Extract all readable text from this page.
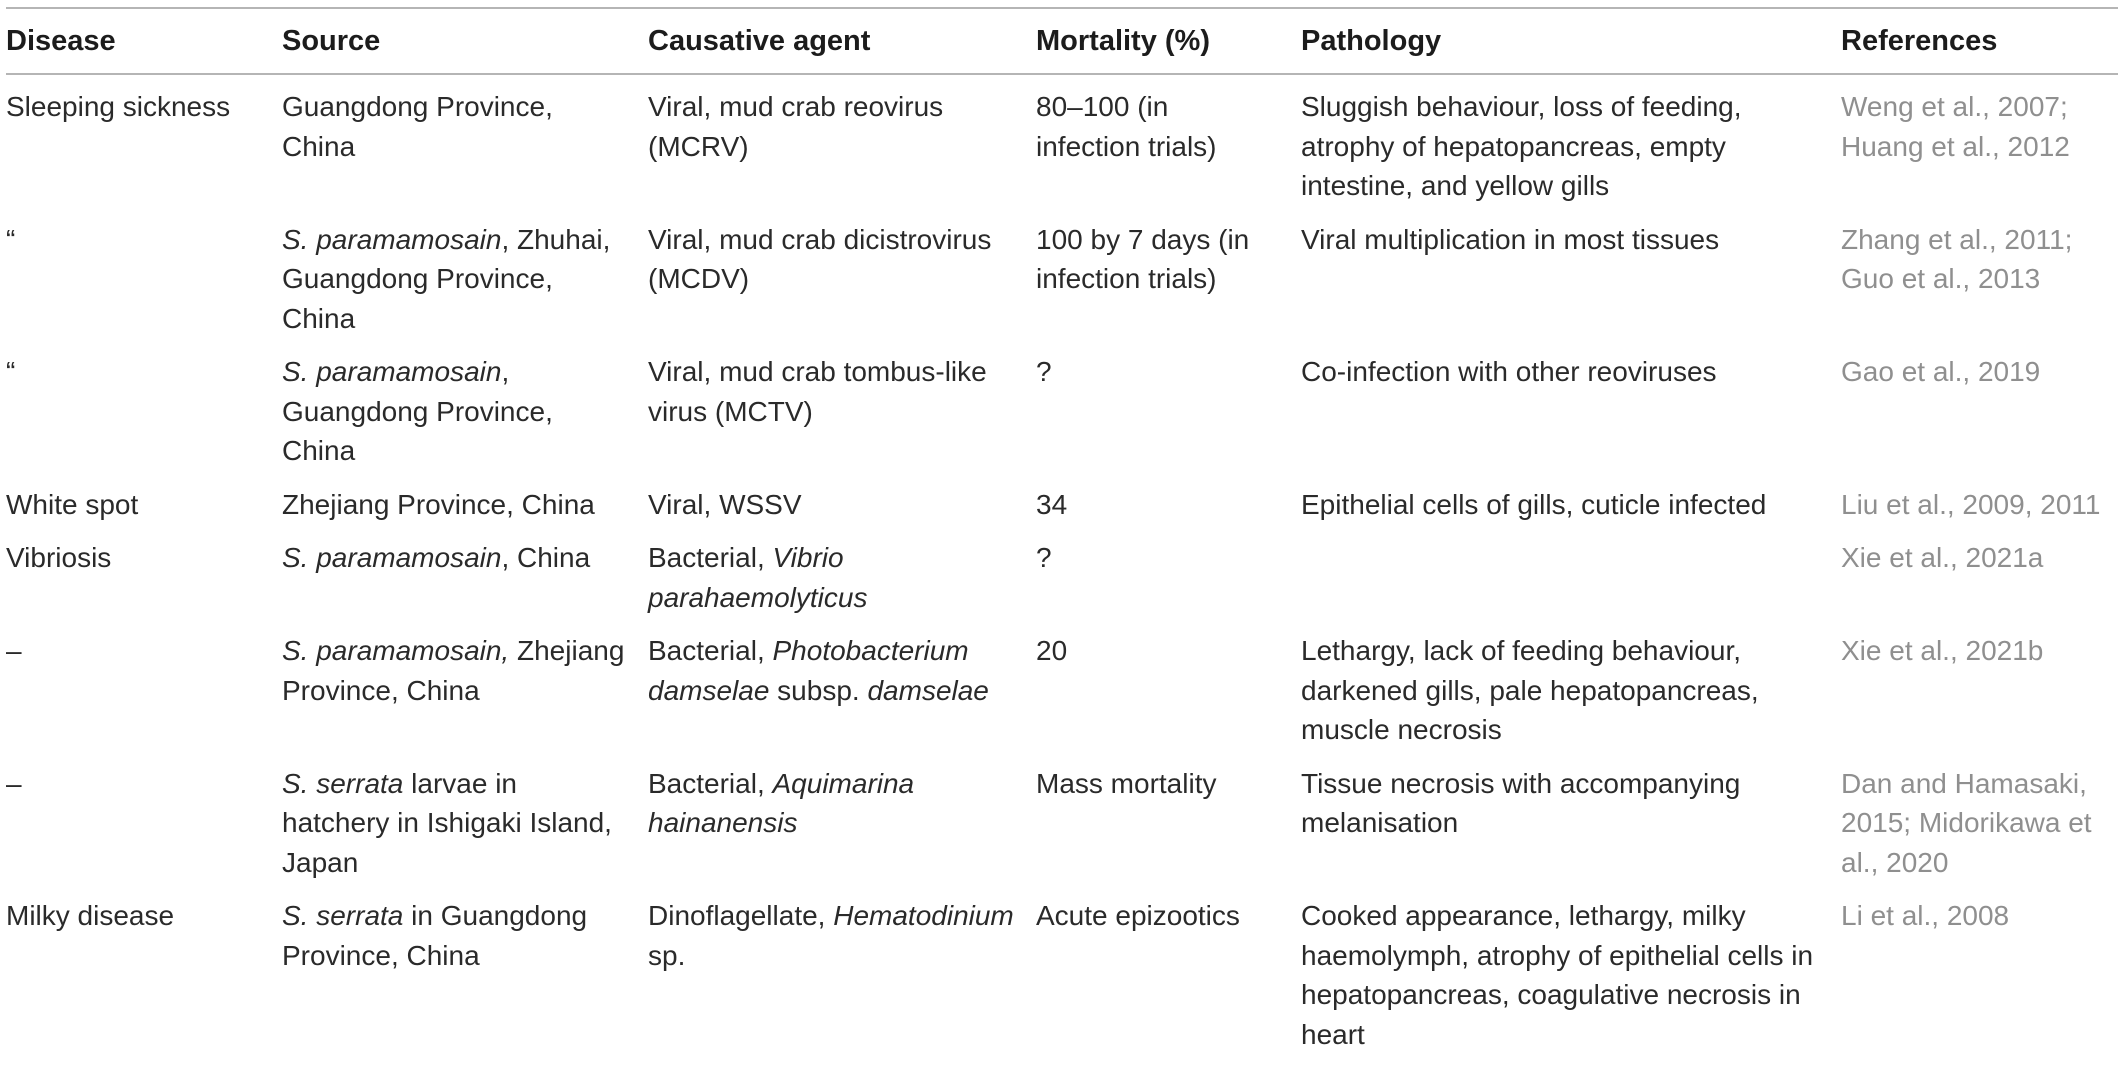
Disease	Source	Causative agent	Mortality (%)	Pathology	References
Sleeping sickness	Guangdong Province, China	Viral, mud crab reovirus (MCRV)	80–100 (in infection trials)	Sluggish behaviour, loss of feeding, atrophy of hepatopancreas, empty intestine, and yellow gills	Weng et al., 2007; Huang et al., 2012
“	S. paramamosain, Zhuhai, Guangdong Province, China	Viral, mud crab dicistrovirus (MCDV)	100 by 7 days (in infection trials)	Viral multiplication in most tissues	Zhang et al., 2011; Guo et al., 2013
“	S. paramamosain, Guangdong Province, China	Viral, mud crab tombus-like virus (MCTV)	?	Co-infection with other reoviruses	Gao et al., 2019
White spot	Zhejiang Province, China	Viral, WSSV	34	Epithelial cells of gills, cuticle infected	Liu et al., 2009, 2011
Vibriosis	S. paramamosain, China	Bacterial, Vibrio parahaemolyticus	?		Xie et al., 2021a
–	S. paramamosain, Zhejiang Province, China	Bacterial, Photobacterium damselae subsp. damselae	20	Lethargy, lack of feeding behaviour, darkened gills, pale hepatopancreas, muscle necrosis	Xie et al., 2021b
–	S. serrata larvae in hatchery in Ishigaki Island, Japan	Bacterial, Aquimarina hainanensis	Mass mortality	Tissue necrosis with accompanying melanisation	Dan and Hamasaki, 2015; Midorikawa et al., 2020
Milky disease	S. serrata in Guangdong Province, China	Dinoflagellate, Hematodinium sp.	Acute epizootics	Cooked appearance, lethargy, milky haemolymph, atrophy of epithelial cells in hepatopancreas, coagulative necrosis in heart	Li et al., 2008
